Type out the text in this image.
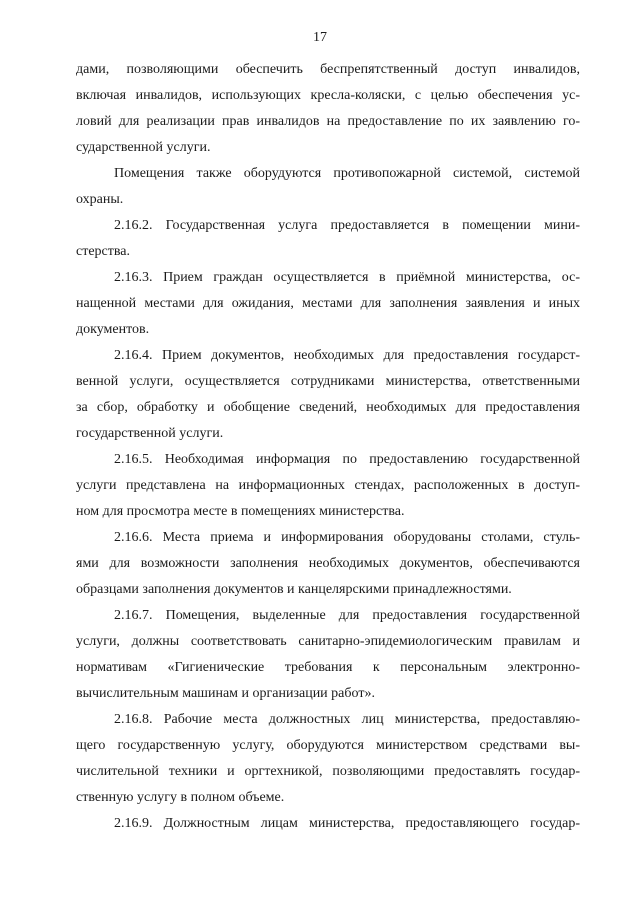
17
дами, позволяющими обеспечить беспрепятственный доступ инвалидов,
включая инвалидов, использующих кресла-коляски, с целью обеспечения ус-
ловий для реализации прав инвалидов на предоставление по их заявлению го-
сударственной услуги.
Помещения также оборудуются противопожарной системой, системой
охраны.
2.16.2. Государственная услуга предоставляется в помещении мини-
стерства.
2.16.3. Прием граждан осуществляется в приёмной министерства, ос-
нащенной местами для ожидания, местами для заполнения заявления и иных
документов.
2.16.4. Прием документов, необходимых для предоставления государст-
венной услуги, осуществляется сотрудниками министерства, ответственными
за сбор, обработку и обобщение сведений, необходимых для предоставления
государственной услуги.
2.16.5. Необходимая информация по предоставлению государственной
услуги представлена на информационных стендах, расположенных в доступ-
ном для просмотра месте в помещениях министерства.
2.16.6. Места приема и информирования оборудованы столами, стуль-
ями для возможности заполнения необходимых документов, обеспечиваются
образцами заполнения документов и канцелярскими принадлежностями.
2.16.7. Помещения, выделенные для предоставления государственной
услуги, должны соответствовать санитарно-эпидемиологическим правилам и
нормативам «Гигиенические требования к персональным электронно-
вычислительным машинам и организации работ».
2.16.8. Рабочие места должностных лиц министерства, предоставляю-
щего государственную услугу, оборудуются министерством средствами вы-
числительной техники и оргтехникой, позволяющими предоставлять государ-
ственную услугу в полном объеме.
2.16.9. Должностным лицам министерства, предоставляющего государ-
